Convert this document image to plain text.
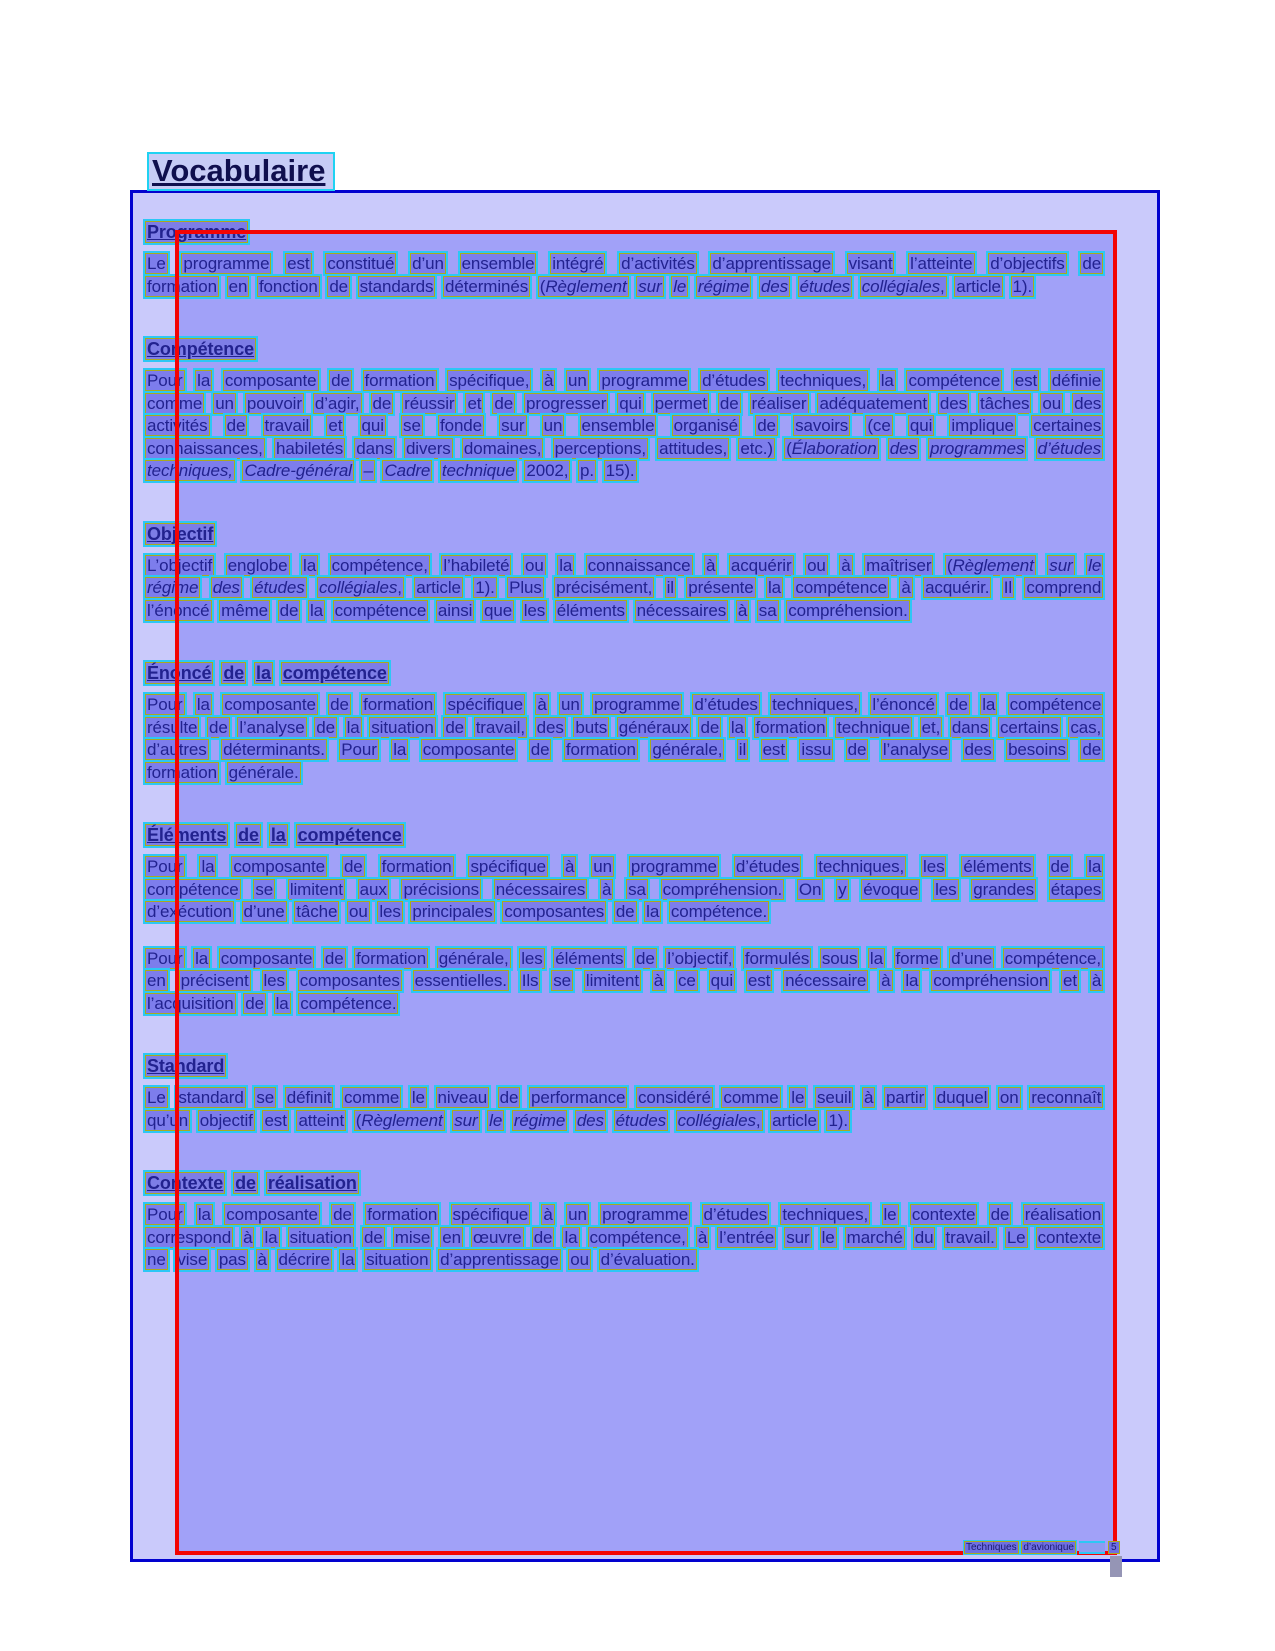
Vocabulaire
Programme

Le programme est constitué d’un ensemble intégré d’activités d’apprentissage visant l’atteinte d’objectifs de formation en fonction de standards déterminés (Règlement sur le régime des études collégiales, article 1).

Compétence

Pour la composante de formation spécifique, à un programme d’études techniques, la compétence est définie comme un pouvoir d’agir, de réussir et de progresser qui permet de réaliser adéquatement des tâches ou des activités de travail et qui se fonde sur un ensemble organisé de savoirs (ce qui implique certaines connaissances, habiletés dans divers domaines, perceptions, attitudes, etc.) (Élaboration des programmes d’études techniques, Cadre-général – Cadre technique 2002, p. 15).

Objectif

L’objectif englobe la compétence, l’habileté ou la connaissance à acquérir ou à maîtriser (Règlement sur le régime des études collégiales, article 1). Plus précisément, il présente la compétence à acquérir. Il comprend l’énoncé même de la compétence ainsi que les éléments nécessaires à sa compréhension.

Énoncé de la compétence

Pour la composante de formation spécifique à un programme d’études techniques, l’énoncé de la compétence résulte de l’analyse de la situation de travail, des buts généraux de la formation technique et, dans certains cas, d’autres déterminants. Pour la composante de formation générale, il est issu de l’analyse des besoins de formation générale.

Éléments de la compétence

Pour la composante de formation spécifique à un programme d’études techniques, les éléments de la compétence se limitent aux précisions nécessaires à sa compréhension. On y évoque les grandes étapes d’exécution d’une tâche ou les principales composantes de la compétence.

Pour la composante de formation générale, les éléments de l’objectif, formulés sous la forme d’une compétence, en précisent les composantes essentielles. Ils se limitent à ce qui est nécessaire à la compréhension et à l’acquisition de la compétence.

Standard

Le standard se définit comme le niveau de performance considéré comme le seuil à partir duquel on reconnaît qu’un objectif est atteint (Règlement sur le régime des études collégiales, article 1).

Contexte de réalisation

Pour la composante de formation spécifique à un programme d’études techniques, le contexte de réalisation correspond à la situation de mise en œuvre de la compétence, à l’entrée sur le marché du travail. Le contexte ne vise pas à décrire la situation d’apprentissage ou d’évaluation.

Techniques d’avionique	5
